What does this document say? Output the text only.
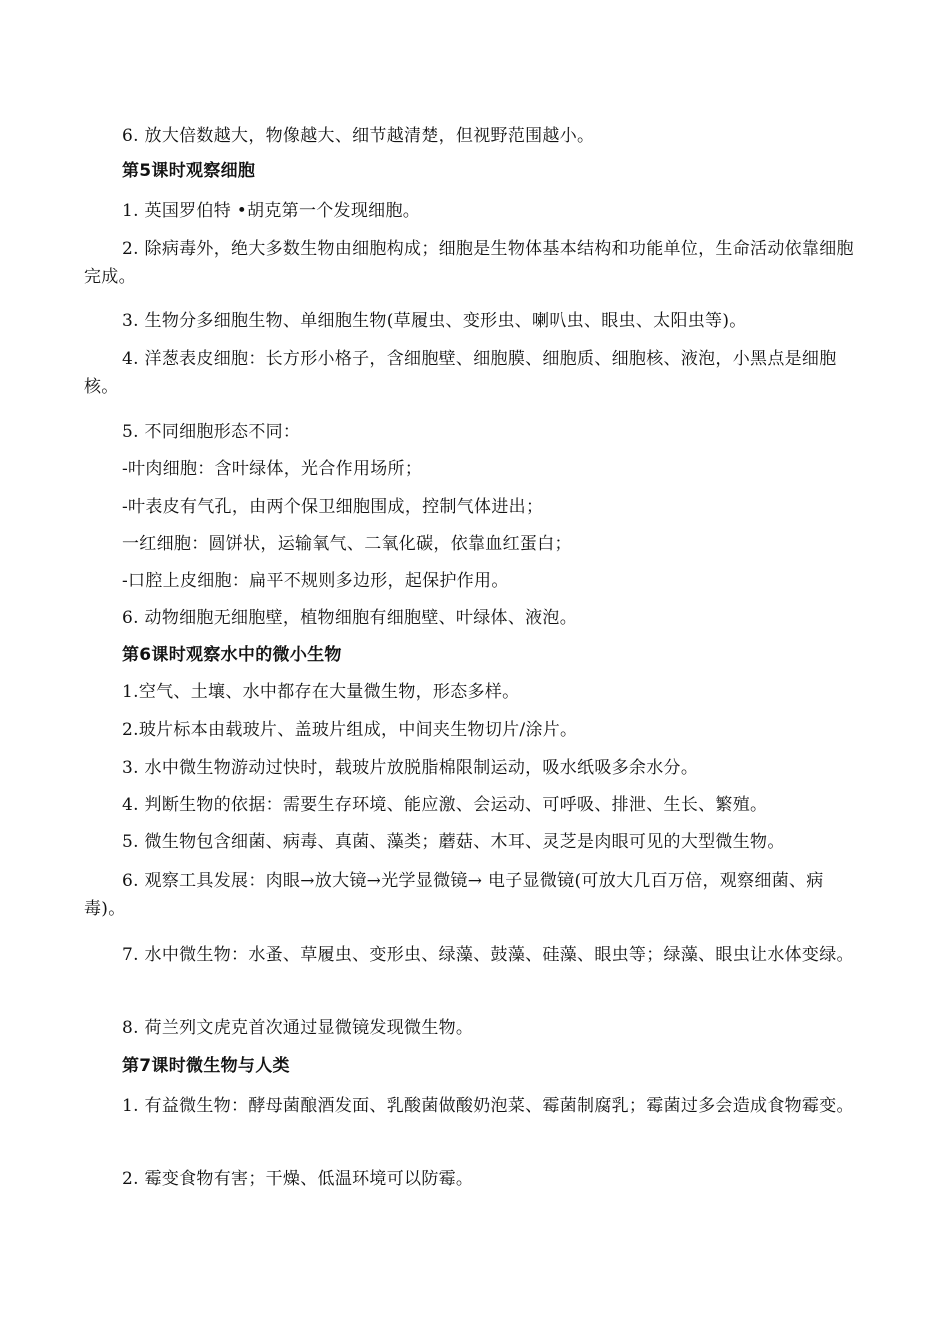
6. 放大倍数越大，物像越大、细节越清楚，但视野范围越小。

第5课时观察细胞

1. 英国罗伯特 •胡克第一个发现细胞。

2. 除病毒外，绝大多数生物由细胞构成；细胞是生物体基本结构和功能单位，生命活动依靠细胞完成。

3. 生物分多细胞生物、单细胞生物(草履虫、变形虫、喇叭虫、眼虫、太阳虫等)。

4. 洋葱表皮细胞：长方形小格子，含细胞壁、细胞膜、细胞质、细胞核、液泡，小黑点是细胞核。

5. 不同细胞形态不同：

-叶肉细胞：含叶绿体，光合作用场所；

-叶表皮有气孔，由两个保卫细胞围成，控制气体进出；

一红细胞：圆饼状，运输氧气、二氧化碳，依靠血红蛋白；

-口腔上皮细胞：扁平不规则多边形，起保护作用。

6. 动物细胞无细胞壁，植物细胞有细胞壁、叶绿体、液泡。

第6课时观察水中的微小生物

1.空气、土壤、水中都存在大量微生物，形态多样。

2.玻片标本由载玻片、盖玻片组成，中间夹生物切片/涂片。

3. 水中微生物游动过快时，载玻片放脱脂棉限制运动，吸水纸吸多余水分。

4. 判断生物的依据：需要生存环境、能应激、会运动、可呼吸、排泄、生长、繁殖。

5. 微生物包含细菌、病毒、真菌、藻类；蘑菇、木耳、灵芝是肉眼可见的大型微生物。

6. 观察工具发展：肉眼→放大镜→光学显微镜→ 电子显微镜(可放大几百万倍，观察细菌、病毒)。

7. 水中微生物：水蚤、草履虫、变形虫、绿藻、鼓藻、硅藻、眼虫等；绿藻、眼虫让水体变绿。

8. 荷兰列文虎克首次通过显微镜发现微生物。

第7课时微生物与人类

1. 有益微生物：酵母菌酿酒发面、乳酸菌做酸奶泡菜、霉菌制腐乳；霉菌过多会造成食物霉变。

2. 霉变食物有害；干燥、低温环境可以防霉。
